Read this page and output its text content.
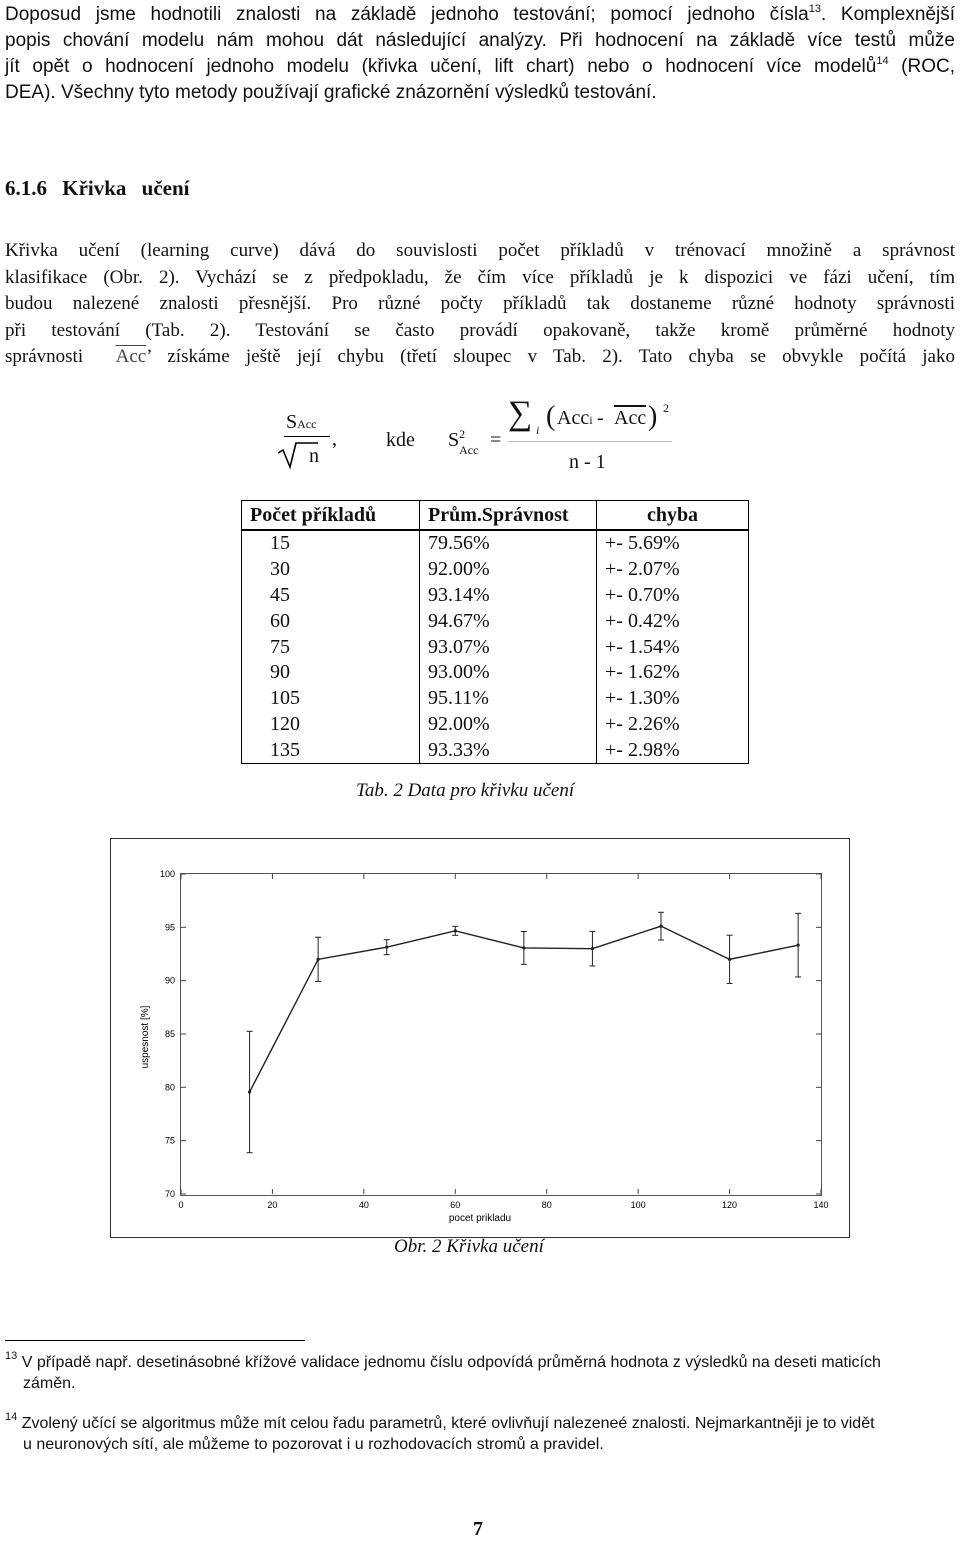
Doposud jsme hodnotili znalosti na základě jednoho testování; pomocí jednoho čísla$^{13}$. Komplexnější
popis chování modelu nám mohou dát následující analýzy. Při hodnocení na základě více testů může
jít opět o hodnocení jednoho modelu (křivka učení, lift chart) nebo o hodnocení více modelů$^{14}$ (ROC,
DEA). Všechny tyto metody používají grafické znázornění výsledků testování.
6.1.6 Křivka učení
Křivka učení (learning curve) dává do souvislosti počet příkladů v trénovací množině a správnost
klasifikace (Obr. 2). Vychází se z předpokladu, že čím více příkladů je k dispozici ve fázi učení, tím
budou nalezené znalosti přesnější. Pro různé počty příkladů tak dostaneme různé hodnoty správnosti
při testování (Tab. 2). Testování se často provádí opakovaně, takže kromě průměrné hodnoty
správnosti $\overline{Acc}$’ získáme ještě její chybu (třetí sloupec v Tab. 2). Tato chyba se obvykle počítá jako
SAcc
n
, kde $S^2_{Acc}$ =
∑ i ( Acci - $\overline{Acc}$ ) 2
n - 1
Počet příkladů	Prům.Správnost	chyba
15	79.56%	+- 5.69%
30	92.00%	+- 2.07%
45	93.14%	+- 0.70%
60	94.67%	+- 0.42%
75	93.07%	+- 1.54%
90	93.00%	+- 1.62%
105	95.11%	+- 1.30%
120	92.00%	+- 2.26%
135	93.33%	+- 2.98%
Tab. 2 Data pro křivku učení
0	20	40	60	80	100	120	140
70
75
80
85
90
95
100
pocet prikladu
uspesnost [%]
Obr. 2 Křivka učení
$^{13}$ V případě např. desetinásobné křížové validace jednomu číslu odpovídá průměrná hodnota z výsledků na deseti maticích
záměn.
$^{14}$ Zvolený učící se algoritmus může mít celou řadu parametrů, které ovlivňují nalezeneé znalosti. Nejmarkantněji je to vidět
u neuronových sítí, ale můžeme to pozorovat i u rozhodovacích stromů a pravidel.
7
